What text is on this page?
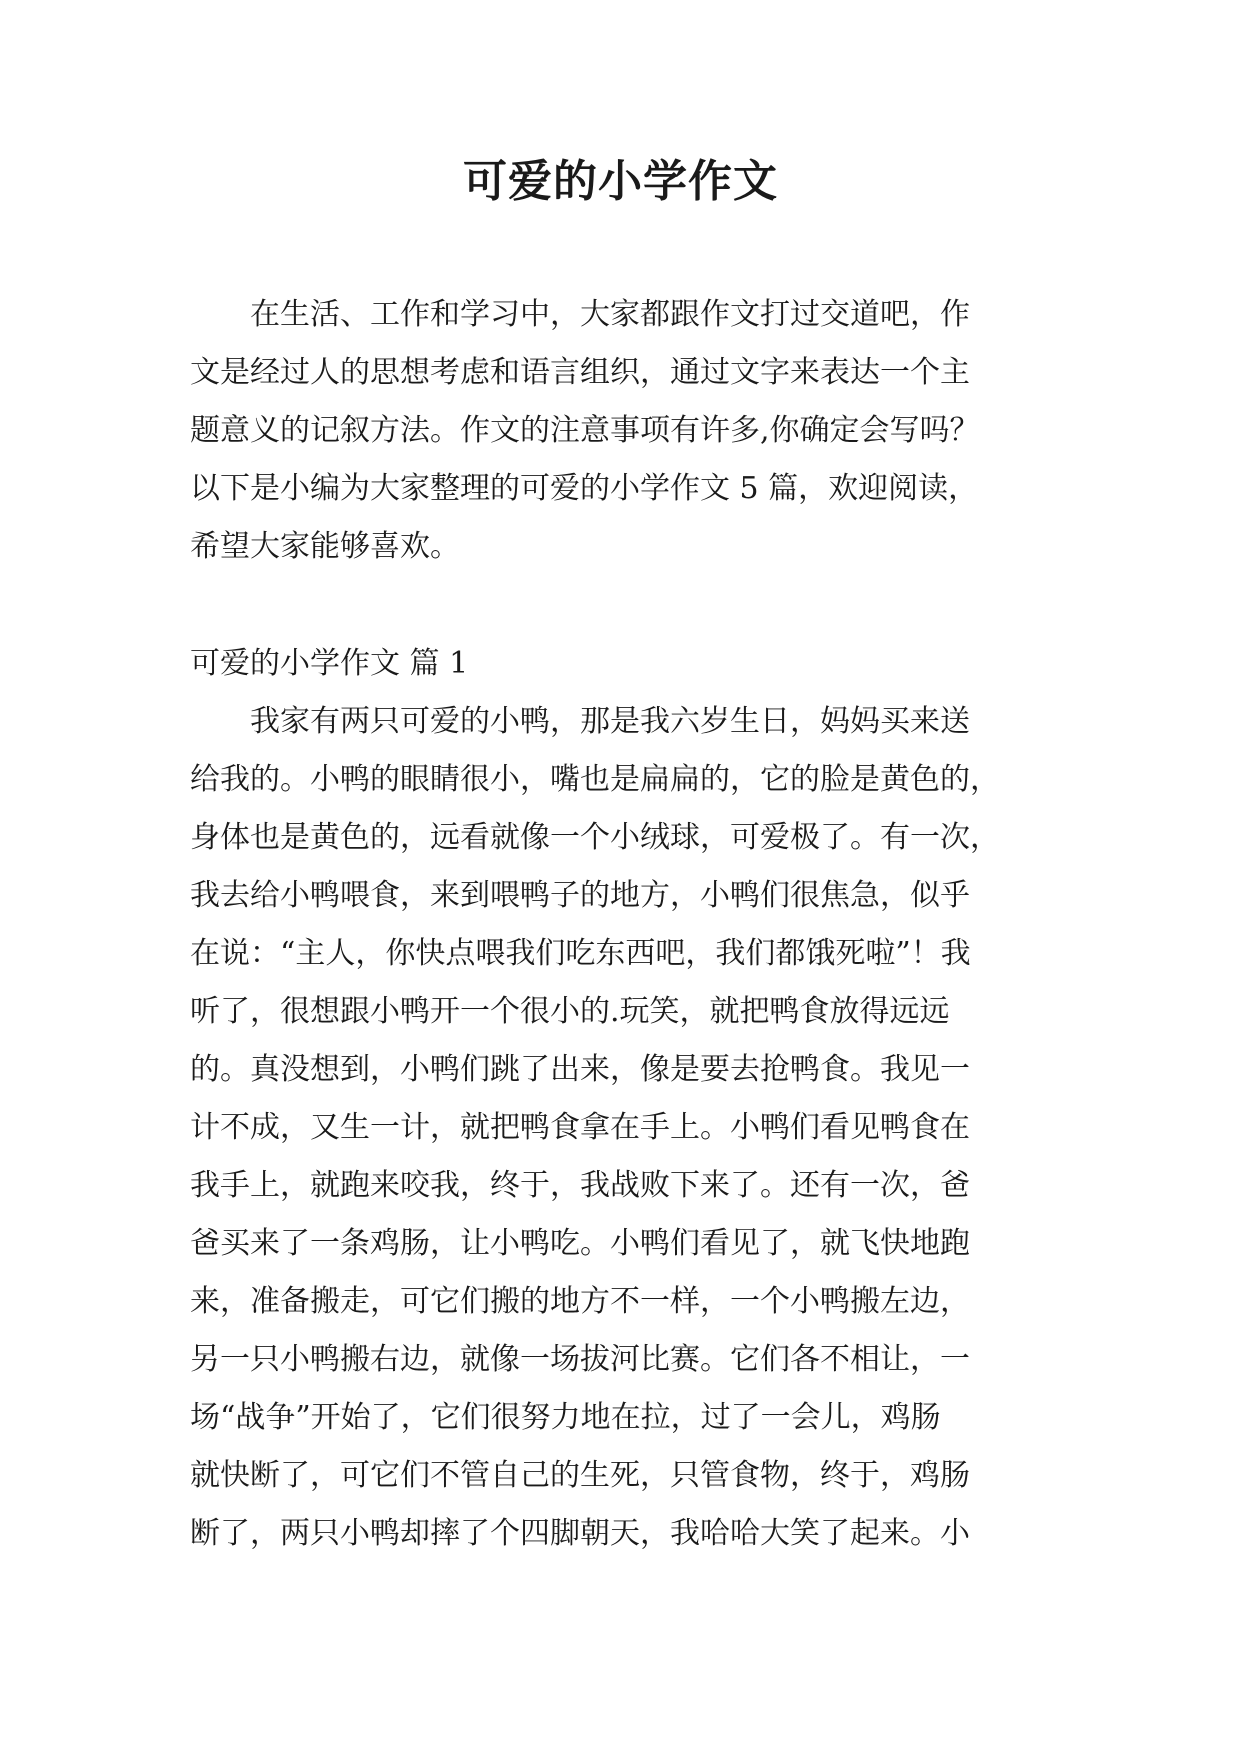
可爱的小学作文
　　在生活、工作和学习中，大家都跟作文打过交道吧，作
文是经过人的思想考虑和语言组织，通过文字来表达一个主
题意义的记叙方法。作文的注意事项有许多,你确定会写吗？
以下是小编为大家整理的可爱的小学作文 5 篇，欢迎阅读，
希望大家能够喜欢。
可爱的小学作文 篇 1
　　我家有两只可爱的小鸭，那是我六岁生日，妈妈买来送
给我的。小鸭的眼睛很小，嘴也是扁扁的，它的脸是黄色的，
身体也是黄色的，远看就像一个小绒球，可爱极了。有一次，
我去给小鸭喂食，来到喂鸭子的地方，小鸭们很焦急，似乎
在说：“主人，你快点喂我们吃东西吧，我们都饿死啦”！我
听了，很想跟小鸭开一个很小的.玩笑，就把鸭食放得远远
的。真没想到，小鸭们跳了出来，像是要去抢鸭食。我见一
计不成，又生一计，就把鸭食拿在手上。小鸭们看见鸭食在
我手上，就跑来咬我，终于，我战败下来了。还有一次，爸
爸买来了一条鸡肠，让小鸭吃。小鸭们看见了，就飞快地跑
来，准备搬走，可它们搬的地方不一样，一个小鸭搬左边，
另一只小鸭搬右边，就像一场拔河比赛。它们各不相让，一
场“战争”开始了，它们很努力地在拉，过了一会儿，鸡肠
就快断了，可它们不管自己的生死，只管食物，终于，鸡肠
断了，两只小鸭却摔了个四脚朝天，我哈哈大笑了起来。小
